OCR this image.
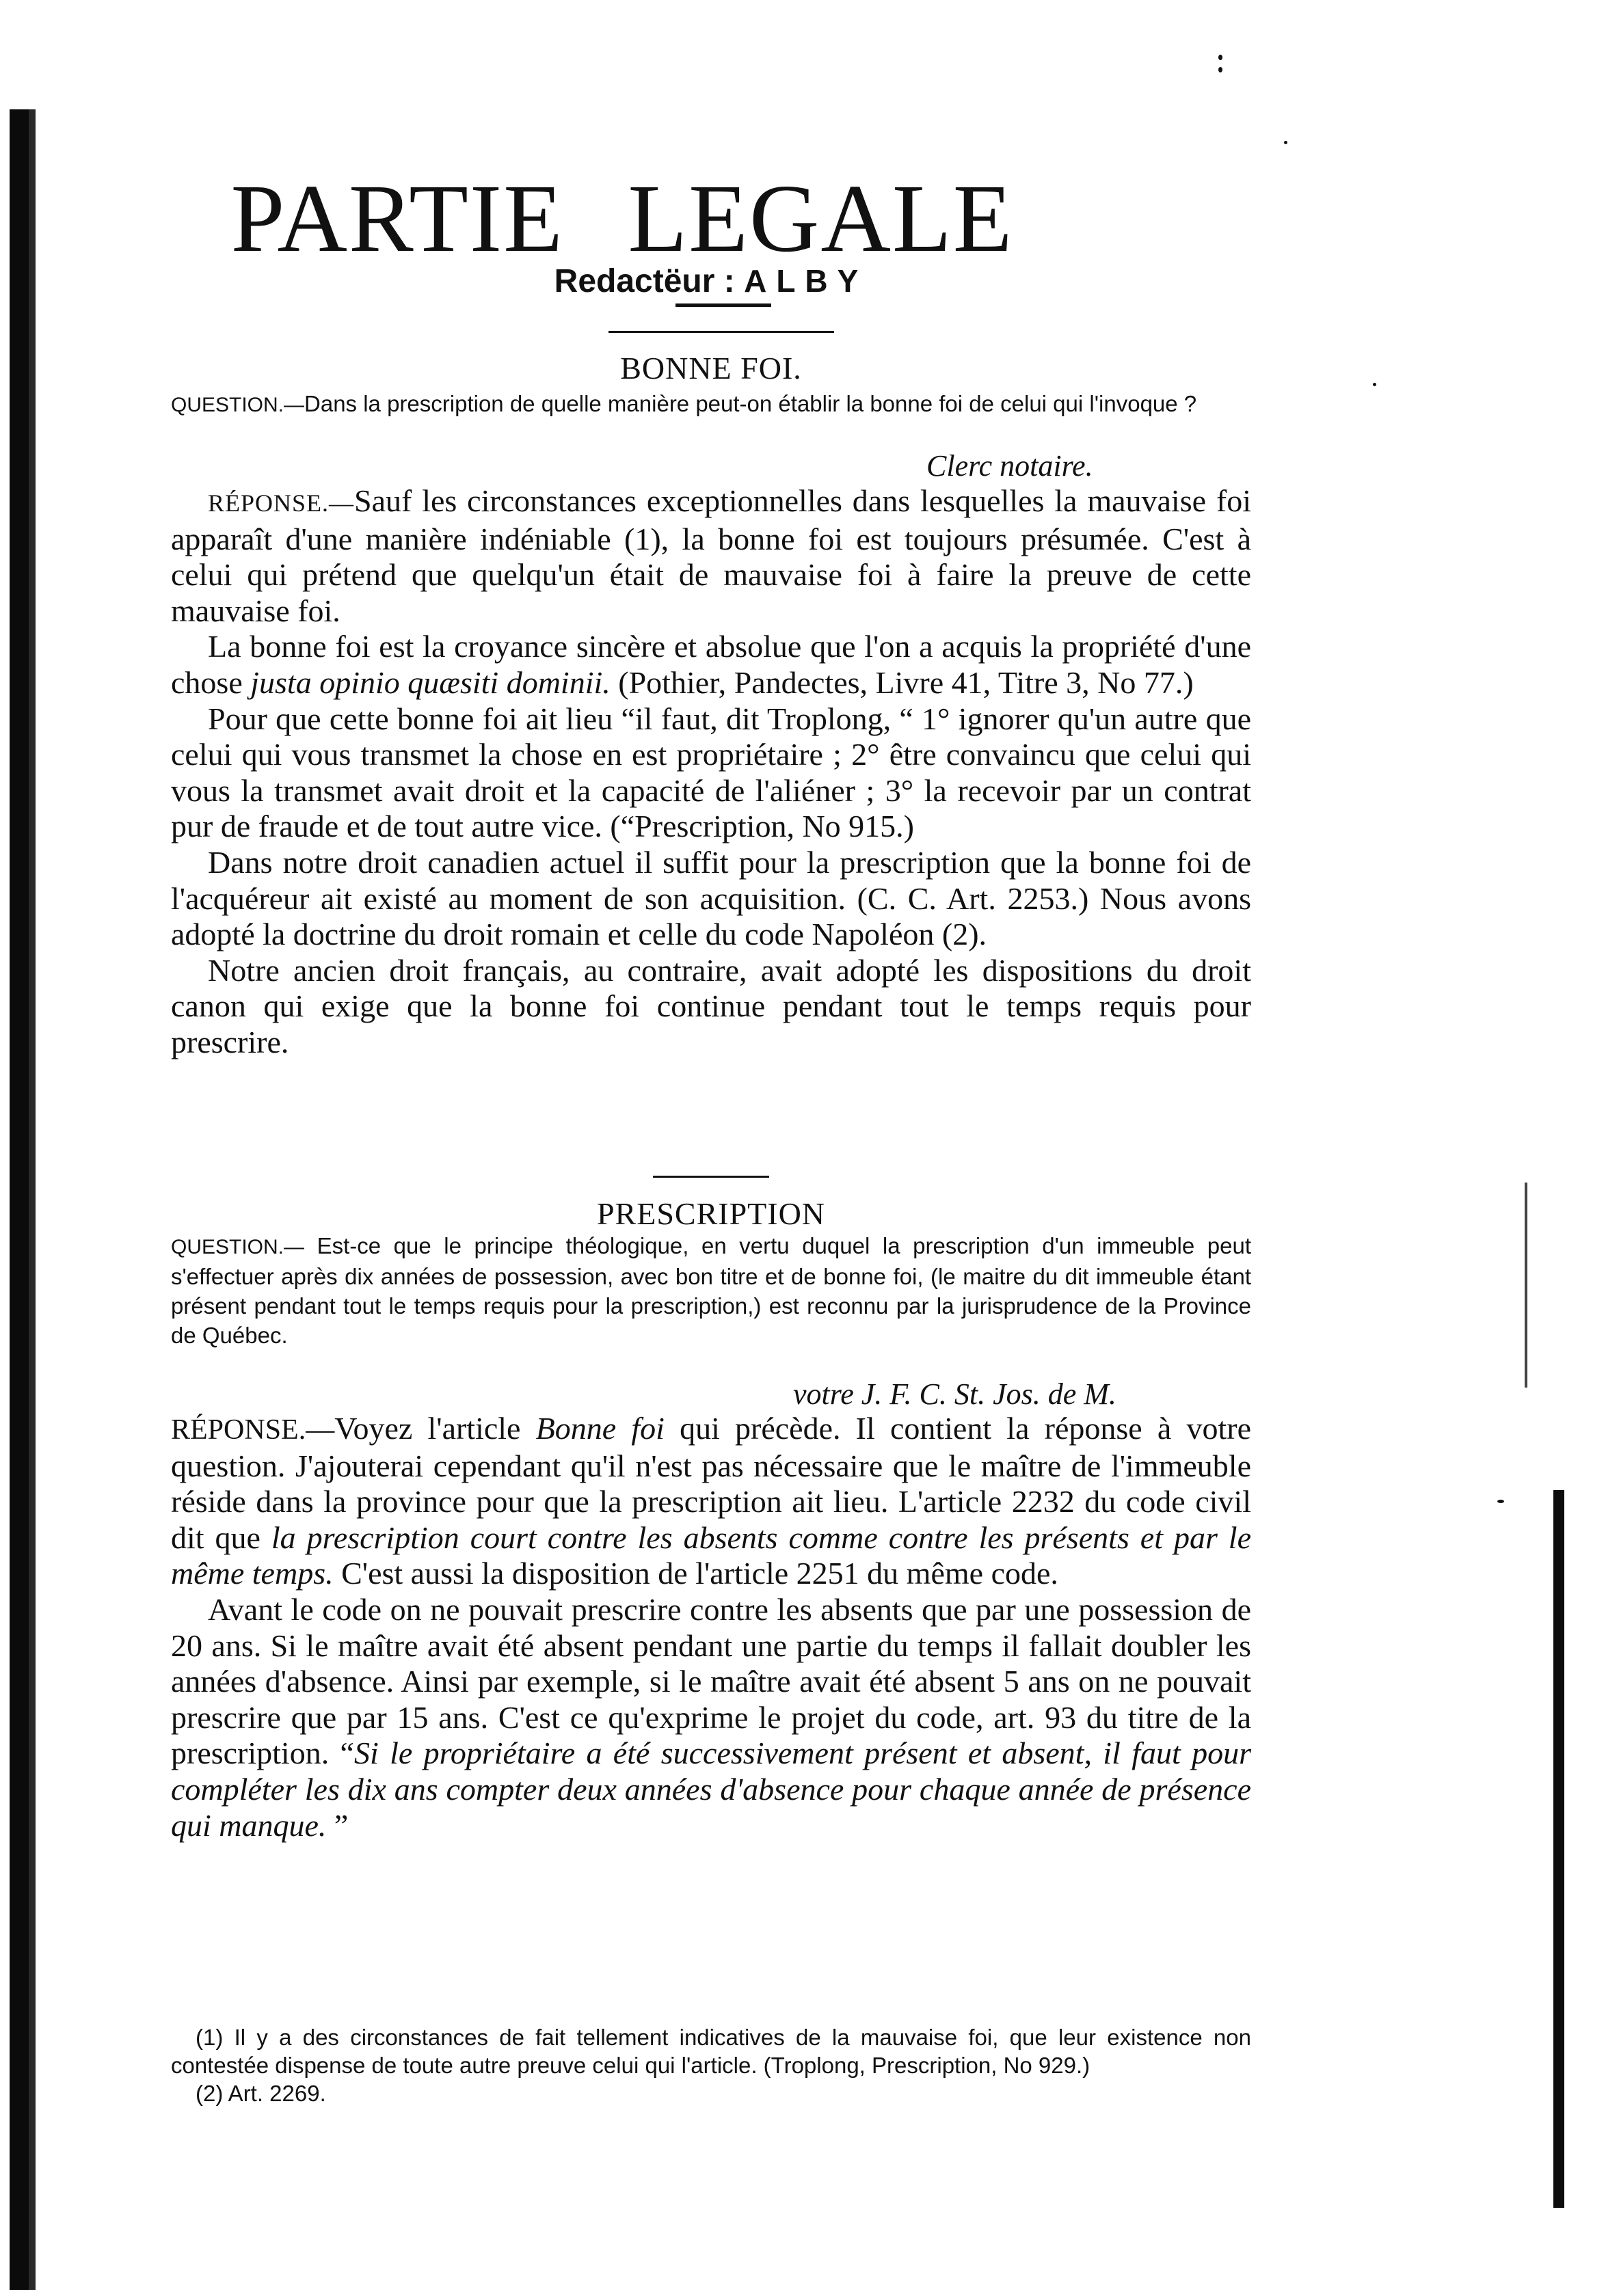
PARTIE LEGALE
Redactëur : ALBY
BONNE FOI.
QUESTION.—Dans la prescription de quelle manière peut-on établir la bonne foi de celui qui l'invoque ?
Clerc notaire.

RÉPONSE.—Sauf les circonstances exceptionnelles dans lesquelles la mauvaise foi apparaît d'une manière indéniable (1), la bonne foi est toujours présumée. C'est à celui qui prétend que quelqu'un était de mauvaise foi à faire la preuve de cette mauvaise foi.

La bonne foi est la croyance sincère et absolue que l'on a acquis la propriété d'une chose justa opinio quæsiti dominii. (Pothier, Pandectes, Livre 41, Titre 3, No 77.)

Pour que cette bonne foi ait lieu “il faut, dit Troplong, “ 1° ignorer qu'un autre que celui qui vous transmet la chose en est propriétaire ; 2° être convaincu que celui qui vous la transmet avait droit et la capacité de l'aliéner ; 3° la recevoir par un contrat pur de fraude et de tout autre vice. (“Prescription, No 915.)

Dans notre droit canadien actuel il suffit pour la prescription que la bonne foi de l'acquéreur ait existé au moment de son acquisition. (C. C. Art. 2253.) Nous avons adopté la doctrine du droit romain et celle du code Napoléon (2).

Notre ancien droit français, au contraire, avait adopté les dispositions du droit canon qui exige que la bonne foi continue pendant tout le temps requis pour prescrire.

PRESCRIPTION
QUESTION.— Est-ce que le principe théologique, en vertu duquel la prescription d'un immeuble peut s'effectuer après dix années de possession, avec bon titre et de bonne foi, (le maitre du dit immeuble étant présent pendant tout le temps requis pour la prescription,) est reconnu par la jurisprudence de la Province de Québec.
votre J. F. C. St. Jos. de M.

RÉPONSE.—Voyez l'article Bonne foi qui précède. Il contient la réponse à votre question. J'ajouterai cependant qu'il n'est pas nécessaire que le maître de l'immeuble réside dans la province pour que la prescription ait lieu. L'article 2232 du code civil dit que la prescription court contre les absents comme contre les présents et par le même temps. C'est aussi la disposition de l'article 2251 du même code.

Avant le code on ne pouvait prescrire contre les absents que par une possession de 20 ans. Si le maître avait été absent pendant une partie du temps il fallait doubler les années d'absence. Ainsi par exemple, si le maître avait été absent 5 ans on ne pouvait prescrire que par 15 ans. C'est ce qu'exprime le projet du code, art. 93 du titre de la prescription. “Si le propriétaire a été successivement présent et absent, il faut pour compléter les dix ans compter deux années d'absence pour chaque année de présence qui manque. ”

(1) Il y a des circonstances de fait tellement indicatives de la mauvaise foi, que leur existence non contestée dispense de toute autre preuve celui qui l'article. (Troplong, Prescription, No 929.)

(2) Art. 2269.
